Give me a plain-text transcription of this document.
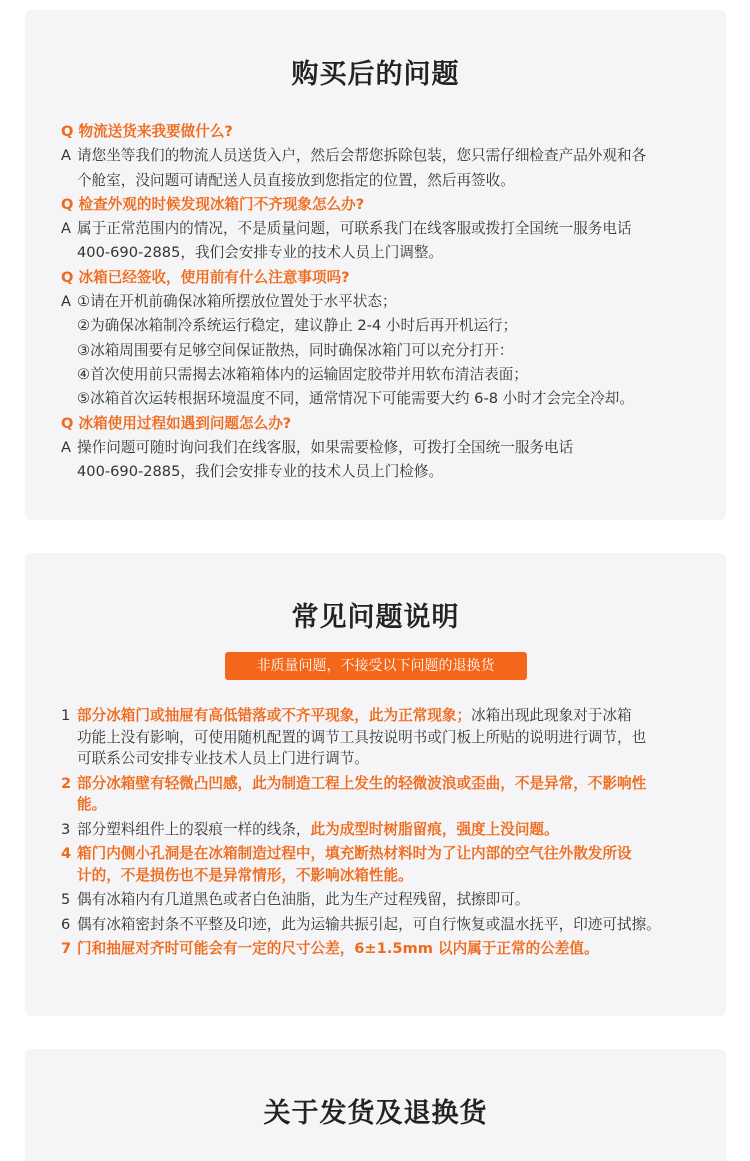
购买后的问题
Q 物流送货来我要做什么?
A 请您坐等我们的物流人员送货入户，然后会帮您拆除包装，您只需仔细检查产品外观和各
个舱室，没问题可请配送人员直接放到您指定的位置，然后再签收。
Q 检查外观的时候发现冰箱门不齐现象怎么办?
A 属于正常范围内的情况，不是质量问题，可联系我门在线客服或拨打全国统一服务电话
400-690-2885，我们会安排专业的技术人员上门调整。
Q 冰箱已经签收，使用前有什么注意事项吗?
A ①请在开机前确保冰箱所摆放位置处于水平状态；
②为确保冰箱制冷系统运行稳定，建议静止 2-4 小时后再开机运行；
③冰箱周围要有足够空间保证散热，同时确保冰箱门可以充分打开：
④首次使用前只需揭去冰箱箱体内的运输固定胶带并用软布清洁表面；
⑤冰箱首次运转根据环境温度不同，通常情况下可能需要大约 6-8 小时才会完全冷却。
Q 冰箱使用过程如遇到问题怎么办?
A 操作问题可随时询问我们在线客服，如果需要检修，可拨打全国统一服务电话
400-690-2885，我们会安排专业的技术人员上门检修。
常见问题说明
非质量问题，不接受以下问题的退换货
1 部分冰箱门或抽屉有高低错落或不齐平现象，此为正常现象；冰箱出现此现象对于冰箱
功能上没有影响，可使用随机配置的调节工具按说明书或门板上所贴的说明进行调节，也
可联系公司安排专业技术人员上门进行调节。
2 部分冰箱壁有轻微凸凹感，此为制造工程上发生的轻微波浪或歪曲，不是异常，不影响性
能。
3 部分塑料组件上的裂痕一样的线条，此为成型时树脂留痕，强度上没问题。
4 箱门内侧小孔洞是在冰箱制造过程中，填充断热材料时为了让内部的空气往外散发所设
计的，不是损伤也不是异常情形，不影响冰箱性能。
5 偶有冰箱内有几道黑色或者白色油脂，此为生产过程残留，拭擦即可。
6 偶有冰箱密封条不平整及印迹，此为运输共振引起，可自行恢复或温水抚平，印迹可拭擦。
7 门和抽屉对齐时可能会有一定的尺寸公差，6±1.5mm 以内属于正常的公差值。
关于发货及退换货
